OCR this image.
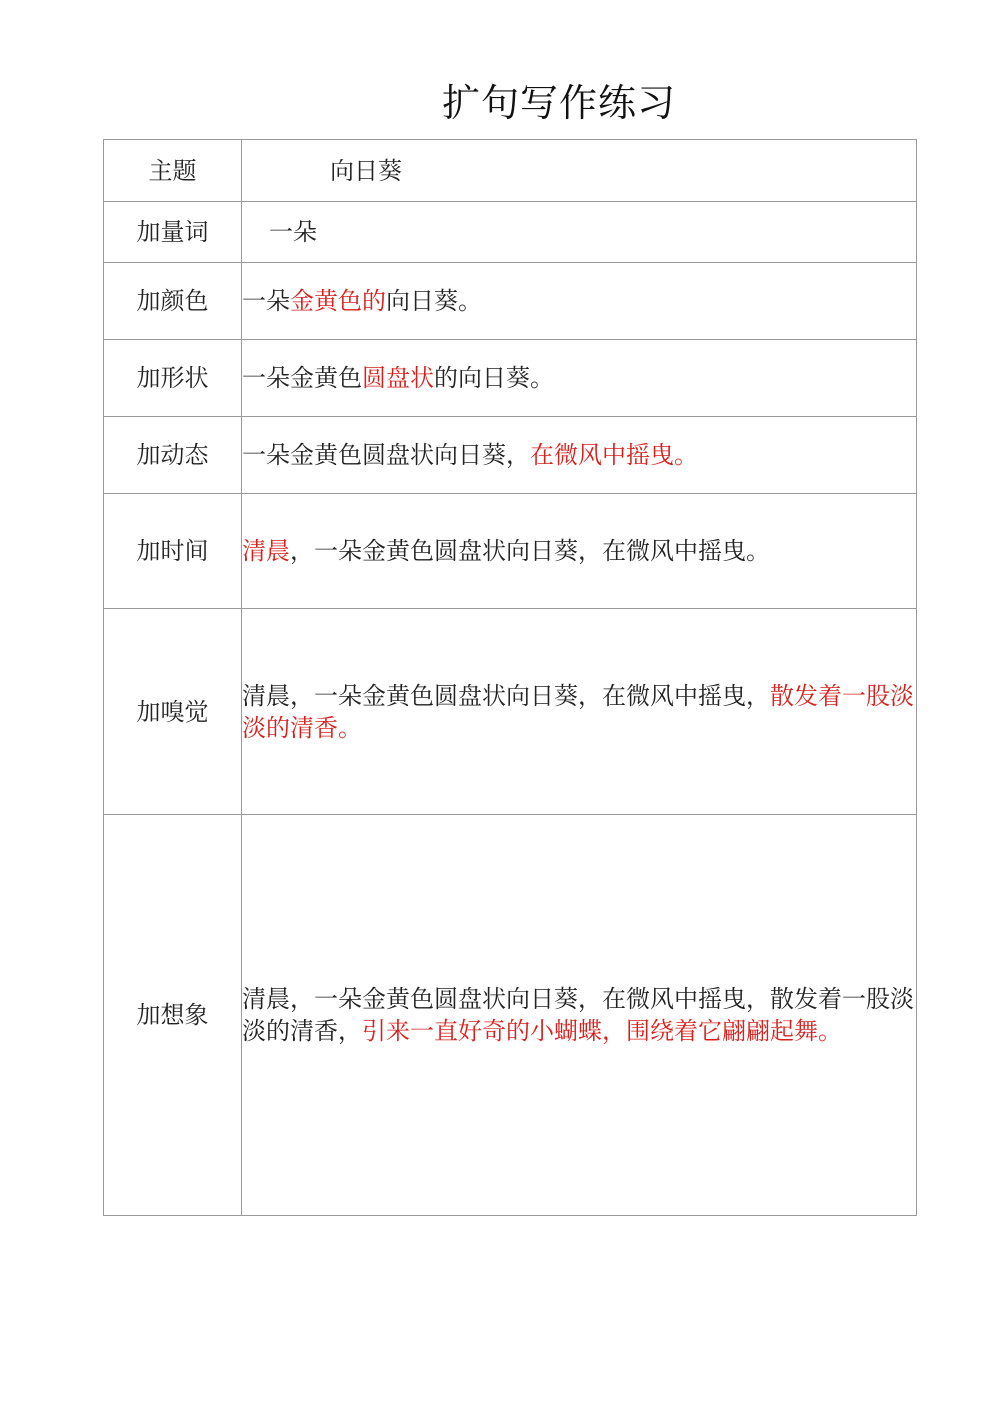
扩句写作练习
主题	向日葵

加量词	一朵

加颜色	一朵金黄色的向日葵。

加形状	一朵金黄色圆盘状的向日葵。

加动态	一朵金黄色圆盘状向日葵，在微风中摇曳。

加时间	清晨，一朵金黄色圆盘状向日葵，在微风中摇曳。

加嗅觉	清晨，一朵金黄色圆盘状向日葵，在微风中摇曳，散发着一股淡淡的清香。

加想象	清晨，一朵金黄色圆盘状向日葵，在微风中摇曳，散发着一股淡淡的清香，引来一直好奇的小蝴蝶，围绕着它翩翩起舞。
